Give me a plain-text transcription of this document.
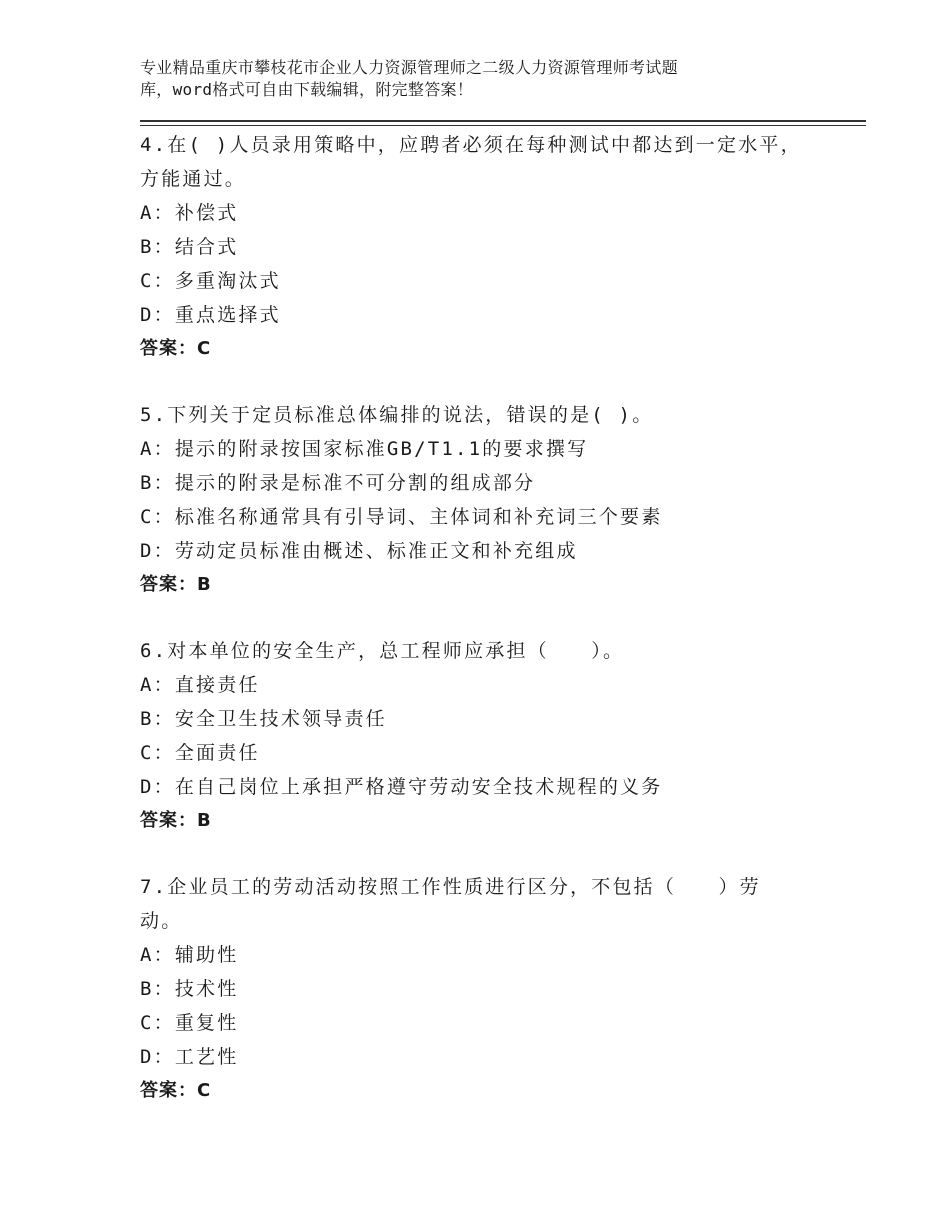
专业精品重庆市攀枝花市企业人力资源管理师之二级人力资源管理师考试题
库，word格式可自由下载编辑，附完整答案！
4.在( )人员录用策略中，应聘者必须在每种测试中都达到一定水平，
方能通过。
A：补偿式
B：结合式
C：多重淘汰式
D：重点选择式
答案：C
5.下列关于定员标准总体编排的说法，错误的是( )。
A：提示的附录按国家标准GB/T1.1的要求撰写
B：提示的附录是标准不可分割的组成部分
C：标准名称通常具有引导词、主体词和补充词三个要素
D：劳动定员标准由概述、标准正文和补充组成
答案：B
6.对本单位的安全生产，总工程师应承担（　　）。
A：直接责任
B：安全卫生技术领导责任
C：全面责任
D：在自己岗位上承担严格遵守劳动安全技术规程的义务
答案：B
7.企业员工的劳动活动按照工作性质进行区分，不包括（　　）劳
动。
A：辅助性
B：技术性
C：重复性
D：工艺性
答案：C
